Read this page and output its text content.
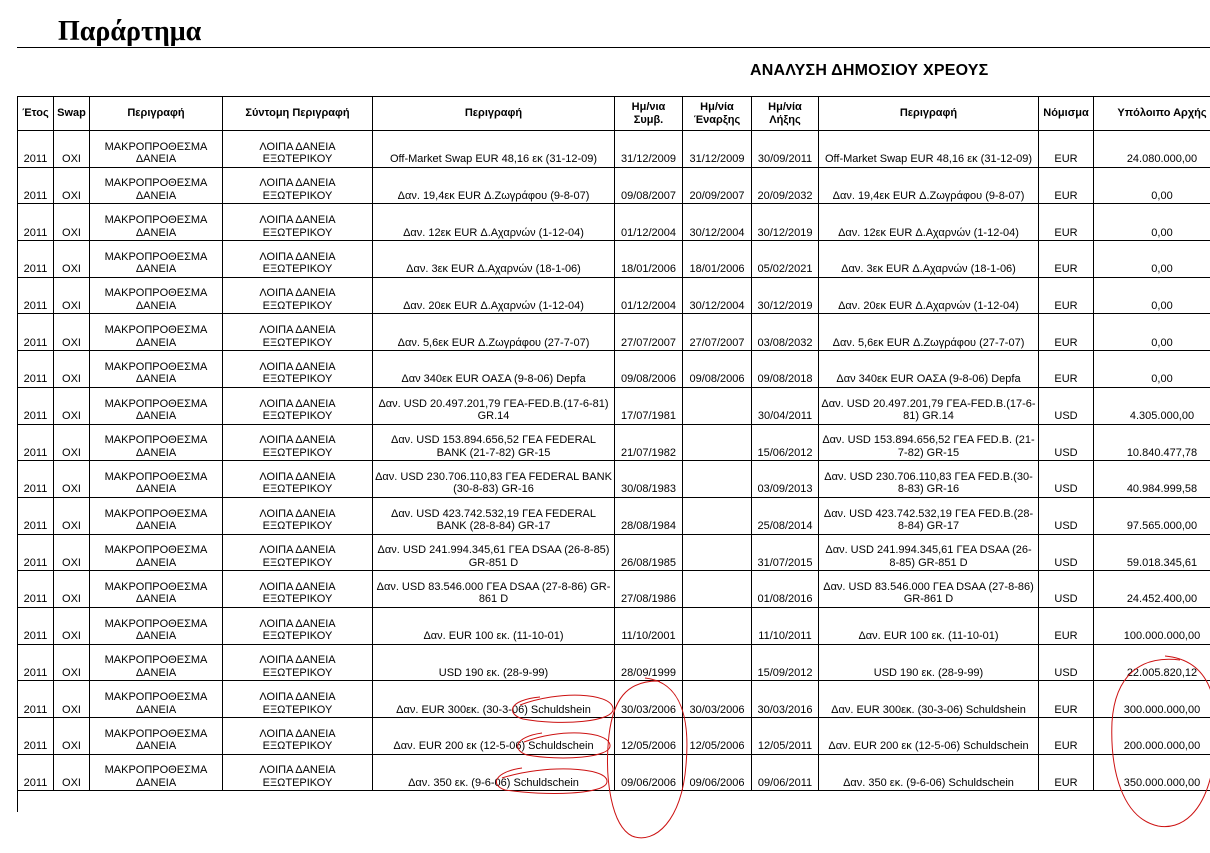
Παράρτημα
ΑΝΑΛΥΣΗ ΔΗΜΟΣΙΟΥ ΧΡΕΟΥΣ
Έτος	Swap	Περιγραφή	Σύντομη Περιγραφή	Περιγραφή	Ημ/νια Συμβ.	Ημ/νία Έναρξης	Ημ/νία Λήξης	Περιγραφή	Νόμισμα	Υπόλοιπο Αρχής
2011	ΟΧΙ	ΜΑΚΡΟΠΡΟΘΕΣΜΑ ΔΑΝΕΙΑ	ΛΟΙΠΑ ΔΑΝΕΙΑ ΕΞΩΤΕΡΙΚΟΥ	Off-Market Swap EUR 48,16 εκ (31-12-09)	31/12/2009	31/12/2009	30/09/2011	Off-Market Swap EUR 48,16 εκ (31-12-09)	EUR	24.080.000,00
2011	ΟΧΙ	ΜΑΚΡΟΠΡΟΘΕΣΜΑ ΔΑΝΕΙΑ	ΛΟΙΠΑ ΔΑΝΕΙΑ ΕΞΩΤΕΡΙΚΟΥ	Δαν. 19,4εκ EUR Δ.Ζωγράφου (9-8-07)	09/08/2007	20/09/2007	20/09/2032	Δαν. 19,4εκ EUR Δ.Ζωγράφου (9-8-07)	EUR	0,00
2011	ΟΧΙ	ΜΑΚΡΟΠΡΟΘΕΣΜΑ ΔΑΝΕΙΑ	ΛΟΙΠΑ ΔΑΝΕΙΑ ΕΞΩΤΕΡΙΚΟΥ	Δαν. 12εκ EUR Δ.Αχαρνών (1-12-04)	01/12/2004	30/12/2004	30/12/2019	Δαν. 12εκ EUR Δ.Αχαρνών (1-12-04)	EUR	0,00
2011	ΟΧΙ	ΜΑΚΡΟΠΡΟΘΕΣΜΑ ΔΑΝΕΙΑ	ΛΟΙΠΑ ΔΑΝΕΙΑ ΕΞΩΤΕΡΙΚΟΥ	Δαν. 3εκ EUR Δ.Αχαρνών (18-1-06)	18/01/2006	18/01/2006	05/02/2021	Δαν. 3εκ EUR Δ.Αχαρνών (18-1-06)	EUR	0,00
2011	ΟΧΙ	ΜΑΚΡΟΠΡΟΘΕΣΜΑ ΔΑΝΕΙΑ	ΛΟΙΠΑ ΔΑΝΕΙΑ ΕΞΩΤΕΡΙΚΟΥ	Δαν. 20εκ EUR Δ.Αχαρνών (1-12-04)	01/12/2004	30/12/2004	30/12/2019	Δαν. 20εκ EUR Δ.Αχαρνών (1-12-04)	EUR	0,00
2011	ΟΧΙ	ΜΑΚΡΟΠΡΟΘΕΣΜΑ ΔΑΝΕΙΑ	ΛΟΙΠΑ ΔΑΝΕΙΑ ΕΞΩΤΕΡΙΚΟΥ	Δαν. 5,6εκ EUR Δ.Ζωγράφου (27-7-07)	27/07/2007	27/07/2007	03/08/2032	Δαν. 5,6εκ EUR Δ.Ζωγράφου (27-7-07)	EUR	0,00
2011	ΟΧΙ	ΜΑΚΡΟΠΡΟΘΕΣΜΑ ΔΑΝΕΙΑ	ΛΟΙΠΑ ΔΑΝΕΙΑ ΕΞΩΤΕΡΙΚΟΥ	Δαν 340εκ EUR ΟΑΣΑ (9-8-06) Depfa	09/08/2006	09/08/2006	09/08/2018	Δαν 340εκ EUR ΟΑΣΑ (9-8-06) Depfa	EUR	0,00
2011	ΟΧΙ	ΜΑΚΡΟΠΡΟΘΕΣΜΑ ΔΑΝΕΙΑ	ΛΟΙΠΑ ΔΑΝΕΙΑ ΕΞΩΤΕΡΙΚΟΥ	Δαν. USD 20.497.201,79 ΓΕΑ-FED.B.(17-6-81) GR.14	17/07/1981		30/04/2011	Δαν. USD 20.497.201,79 ΓΕΑ-FED.B.(17-6-81) GR.14	USD	4.305.000,00
2011	ΟΧΙ	ΜΑΚΡΟΠΡΟΘΕΣΜΑ ΔΑΝΕΙΑ	ΛΟΙΠΑ ΔΑΝΕΙΑ ΕΞΩΤΕΡΙΚΟΥ	Δαν. USD 153.894.656,52 ΓΕΑ FEDERAL BANK (21-7-82) GR-15	21/07/1982		15/06/2012	Δαν. USD 153.894.656,52 ΓΕΑ FED.B. (21-7-82) GR-15	USD	10.840.477,78
2011	ΟΧΙ	ΜΑΚΡΟΠΡΟΘΕΣΜΑ ΔΑΝΕΙΑ	ΛΟΙΠΑ ΔΑΝΕΙΑ ΕΞΩΤΕΡΙΚΟΥ	Δαν. USD 230.706.110,83 ΓΕΑ FEDERAL BANK (30-8-83) GR-16	30/08/1983		03/09/2013	Δαν. USD 230.706.110,83 ΓΕΑ FED.B.(30-8-83) GR-16	USD	40.984.999,58
2011	ΟΧΙ	ΜΑΚΡΟΠΡΟΘΕΣΜΑ ΔΑΝΕΙΑ	ΛΟΙΠΑ ΔΑΝΕΙΑ ΕΞΩΤΕΡΙΚΟΥ	Δαν. USD 423.742.532,19 ΓΕΑ FEDERAL BANK (28-8-84) GR-17	28/08/1984		25/08/2014	Δαν. USD 423.742.532,19 ΓΕΑ FED.B.(28-8-84) GR-17	USD	97.565.000,00
2011	ΟΧΙ	ΜΑΚΡΟΠΡΟΘΕΣΜΑ ΔΑΝΕΙΑ	ΛΟΙΠΑ ΔΑΝΕΙΑ ΕΞΩΤΕΡΙΚΟΥ	Δαν. USD 241.994.345,61 ΓΕΑ DSAA (26-8-85) GR-851 D	26/08/1985		31/07/2015	Δαν. USD 241.994.345,61 ΓΕΑ DSAA (26-8-85) GR-851 D	USD	59.018.345,61
2011	ΟΧΙ	ΜΑΚΡΟΠΡΟΘΕΣΜΑ ΔΑΝΕΙΑ	ΛΟΙΠΑ ΔΑΝΕΙΑ ΕΞΩΤΕΡΙΚΟΥ	Δαν. USD 83.546.000 ΓΕΑ DSAA (27-8-86) GR-861 D	27/08/1986		01/08/2016	Δαν. USD 83.546.000 ΓΕΑ DSAA (27-8-86) GR-861 D	USD	24.452.400,00
2011	ΟΧΙ	ΜΑΚΡΟΠΡΟΘΕΣΜΑ ΔΑΝΕΙΑ	ΛΟΙΠΑ ΔΑΝΕΙΑ ΕΞΩΤΕΡΙΚΟΥ	Δαν. EUR 100 εκ. (11-10-01)	11/10/2001		11/10/2011	Δαν. EUR 100 εκ. (11-10-01)	EUR	100.000.000,00
2011	ΟΧΙ	ΜΑΚΡΟΠΡΟΘΕΣΜΑ ΔΑΝΕΙΑ	ΛΟΙΠΑ ΔΑΝΕΙΑ ΕΞΩΤΕΡΙΚΟΥ	USD 190 εκ. (28-9-99)	28/09/1999		15/09/2012	USD 190 εκ. (28-9-99)	USD	22.005.820,12
2011	ΟΧΙ	ΜΑΚΡΟΠΡΟΘΕΣΜΑ ΔΑΝΕΙΑ	ΛΟΙΠΑ ΔΑΝΕΙΑ ΕΞΩΤΕΡΙΚΟΥ	Δαν. EUR 300εκ. (30-3-06) Schuldshein	30/03/2006	30/03/2006	30/03/2016	Δαν. EUR 300εκ. (30-3-06) Schuldshein	EUR	300.000.000,00
2011	ΟΧΙ	ΜΑΚΡΟΠΡΟΘΕΣΜΑ ΔΑΝΕΙΑ	ΛΟΙΠΑ ΔΑΝΕΙΑ ΕΞΩΤΕΡΙΚΟΥ	Δαν. EUR 200 εκ (12-5-06) Schuldschein	12/05/2006	12/05/2006	12/05/2011	Δαν. EUR 200 εκ (12-5-06) Schuldschein	EUR	200.000.000,00
2011	ΟΧΙ	ΜΑΚΡΟΠΡΟΘΕΣΜΑ ΔΑΝΕΙΑ	ΛΟΙΠΑ ΔΑΝΕΙΑ ΕΞΩΤΕΡΙΚΟΥ	Δαν. 350 εκ. (9-6-06) Schuldschein	09/06/2006	09/06/2006	09/06/2011	Δαν. 350 εκ. (9-6-06) Schuldschein	EUR	350.000.000,00
